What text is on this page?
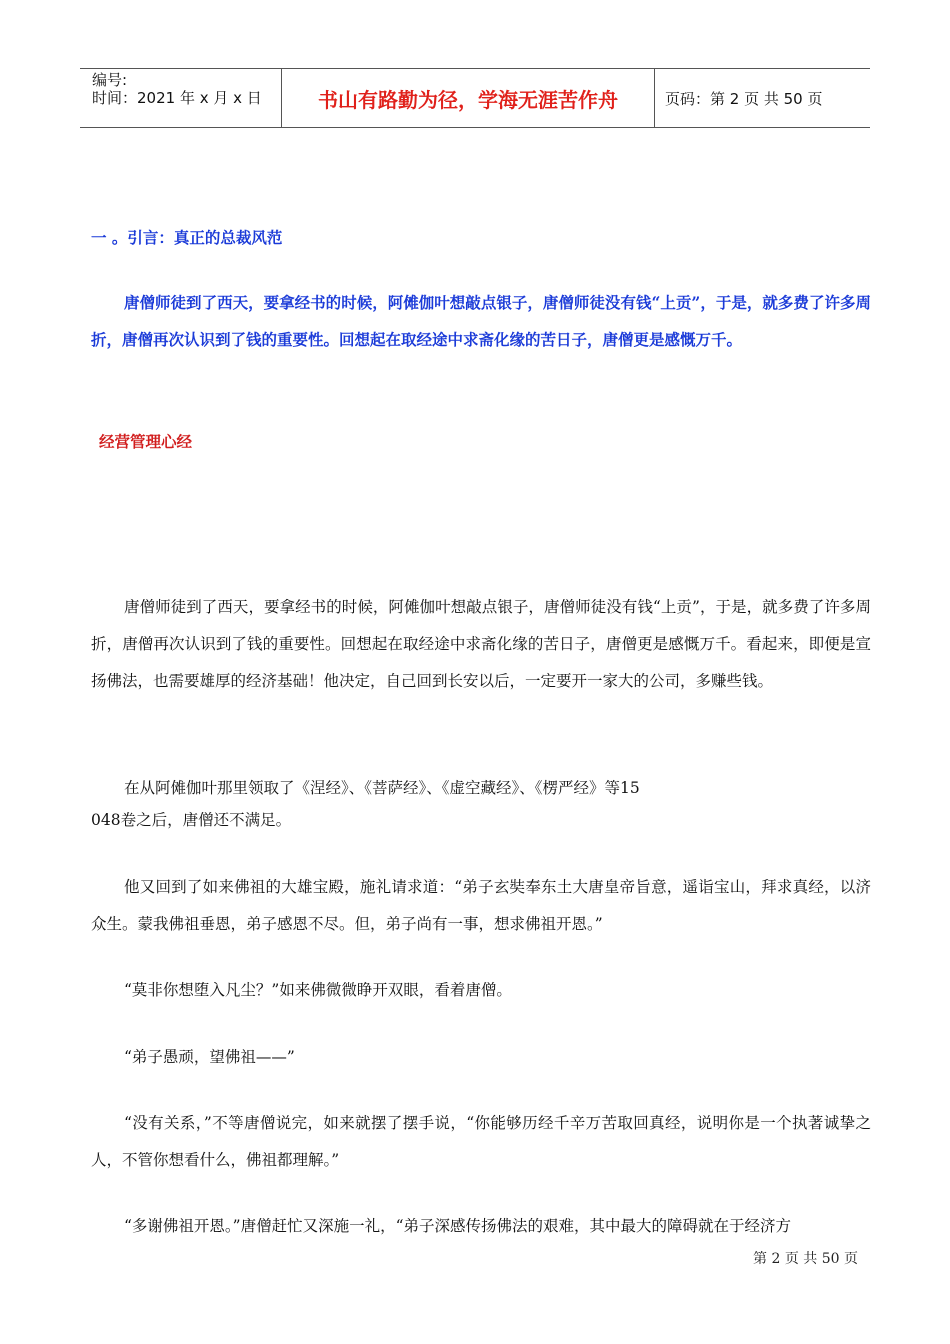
编号:
时间：2021 年 x 月 x 日	书山有路勤为径，学海无涯苦作舟	页码：第 2 页 共 50 页
一 。引言：真正的总裁风范
唐僧师徒到了西天，要拿经书的时候，阿傩伽叶想敲点银子，唐僧师徒没有钱“上贡”，于是，就多费了许多周折，唐僧再次认识到了钱的重要性。回想起在取经途中求斋化缘的苦日子，唐僧更是感慨万千。
经营管理心经
唐僧师徒到了西天，要拿经书的时候，阿傩伽叶想敲点银子，唐僧师徒没有钱“上贡”，于是，就多费了许多周折，唐僧再次认识到了钱的重要性。回想起在取经途中求斋化缘的苦日子，唐僧更是感慨万千。看起来，即便是宣扬佛法，也需要雄厚的经济基础！他决定，自己回到长安以后，一定要开一家大的公司，多赚些钱。
在从阿傩伽叶那里领取了《涅经》、《菩萨经》、《虚空藏经》、《楞严经》等15
048卷之后，唐僧还不满足。
他又回到了如来佛祖的大雄宝殿，施礼请求道：“弟子玄奘奉东土大唐皇帝旨意，遥诣宝山，拜求真经，以济众生。蒙我佛祖垂恩，弟子感恩不尽。但，弟子尚有一事，想求佛祖开恩。”
“莫非你想堕入凡尘？”如来佛微微睁开双眼，看着唐僧。
“弟子愚顽，望佛祖——”
“没有关系，”不等唐僧说完，如来就摆了摆手说，“你能够历经千辛万苦取回真经，说明你是一个执著诚挚之人，不管你想看什么，佛祖都理解。”
“多谢佛祖开恩。”唐僧赶忙又深施一礼，“弟子深感传扬佛法的艰难，其中最大的障碍就在于经济方
第 2 页 共 50 页
